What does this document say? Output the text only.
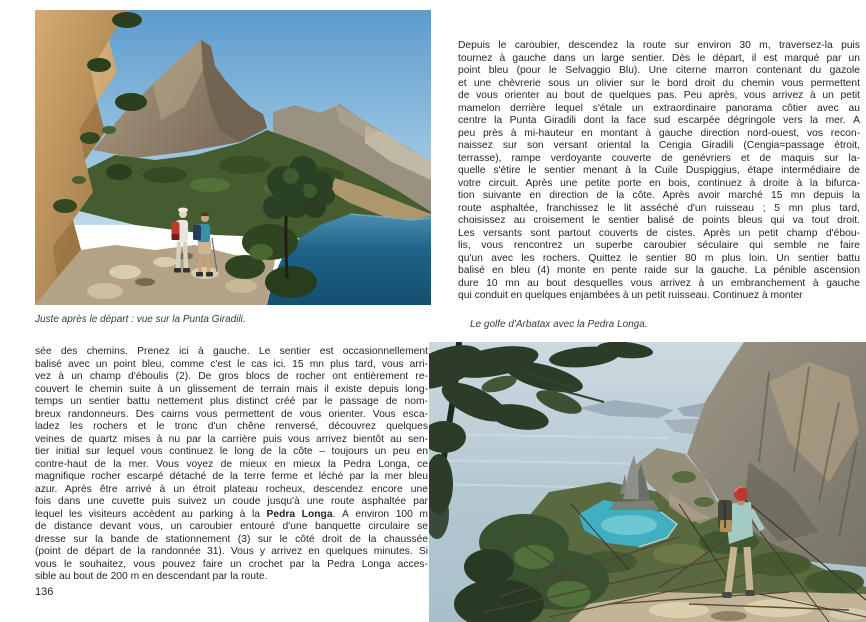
Juste après le départ : vue sur la Punta Giradili.
sée des chemins. Prenez ici à gauche. Le sentier est occasionnellement
balisé avec un point bleu, comme c'est le cas ici. 15 mn plus tard, vous arri-
vez à un champ d'éboulis (2). De gros blocs de rocher ont entièrement re-
couvert le chemin suite à un glissement de terrain mais il existe depuis long-
temps un sentier battu nettement plus distinct créé par le passage de nom-
breux randonneurs. Des cairns vous permettent de vous orienter. Vous esca-
ladez les rochers et le tronc d'un chêne renversé, découvrez quelques
veines de quartz mises à nu par la carrière puis vous arrivez bientôt au sen-
tier initial sur lequel vous continuez le long de la côte – toujours un peu en
contre-haut de la mer. Vous voyez de mieux en mieux la Pedra Longa, ce
magnifique rocher escarpé détaché de la terre ferme et léché par la mer bleu
azur. Après être arrivé à un étroit plateau rocheux, descendez encore une
fois dans une cuvette puis suivez un coude jusqu'à une route asphaltée par
lequel les visiteurs accèdent au parking à la Pedra Longa. À environ 100 m
de distance devant vous, un caroubier entouré d'une banquette circulaire se
dresse sur la bande de stationnement (3) sur le côté droit de la chaussée
(point de départ de la randonnée 31). Vous y arrivez en quelques minutes. Si
vous le souhaitez, vous pouvez faire un crochet par la Pedra Longa acces-
sible au bout de 200 m en descendant par la route.
136
Depuis le caroubier, descendez la route sur environ 30 m, traversez-la puis
tournez à gauche dans un large sentier. Dès le départ, il est marqué par un
point bleu (pour le Selvaggio Blu). Une citerne marron contenant du gazole
et une chèvrerie sous un olivier sur le bord droit du chemin vous permettent
de vous orienter au bout de quelques pas. Peu après, vous arrivez à un petit
mamelon derrière lequel s'étale un extraordinaire panorama côtier avec au
centre la Punta Giradili dont la face sud escarpée dégringole vers la mer. À
peu près à mi-hauteur en montant à gauche direction nord-ouest, vos recon-
naissez sur son versant oriental la Cengia Giradili (Cengia=passage étroit,
terrasse), rampe verdoyante couverte de genévriers et de maquis sur la-
quelle s'étire le sentier menant à la Cuile Duspiggius, étape intermédiaire de
votre circuit. Après une petite porte en bois, continuez à droite à la bifurca-
tion suivante en direction de la côte. Après avoir marché 15 mn depuis la
route asphaltée, franchissez le lit asséché d'un ruisseau ; 5 mn plus tard,
choisissez au croisement le sentier balisé de points bleus qui va tout droit.
Les versants sont partout couverts de cistes. Après un petit champ d'ébou-
lis, vous rencontrez un superbe caroubier séculaire qui semble ne faire
qu'un avec les rochers. Quittez le sentier 80 m plus loin. Un sentier battu
balisé en bleu (4) monte en pente raide sur la gauche. La pénible ascension
dure 10 mn au bout desquelles vous arrivez à un embranchement à gauche
qui conduit en quelques enjambées à un petit ruisseau. Continuez à monter
Le golfe d'Arbatax avec la Pedra Longa.
